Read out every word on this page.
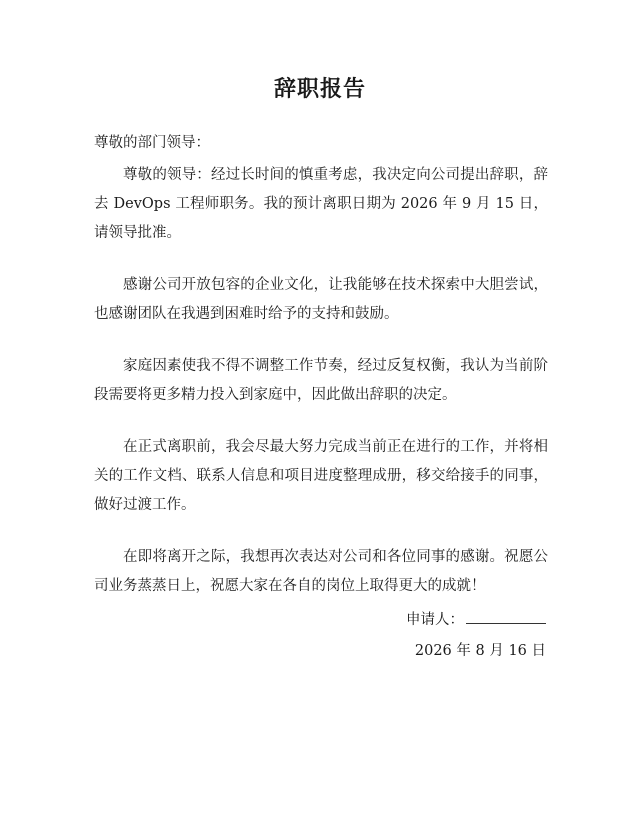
辞职报告

尊敬的部门领导：

尊敬的领导：经过长时间的慎重考虑，我决定向公司提出辞职，辞去 DevOps 工程师职务。我的预计离职日期为 2026 年 9 月 15 日，请领导批准。

感谢公司开放包容的企业文化，让我能够在技术探索中大胆尝试，也感谢团队在我遇到困难时给予的支持和鼓励。

家庭因素使我不得不调整工作节奏，经过反复权衡，我认为当前阶段需要将更多精力投入到家庭中，因此做出辞职的决定。

在正式离职前，我会尽最大努力完成当前正在进行的工作，并将相关的工作文档、联系人信息和项目进度整理成册，移交给接手的同事，做好过渡工作。

在即将离开之际，我想再次表达对公司和各位同事的感谢。祝愿公司业务蒸蒸日上，祝愿大家在各自的岗位上取得更大的成就！

申请人：
2026 年 8 月 16 日
